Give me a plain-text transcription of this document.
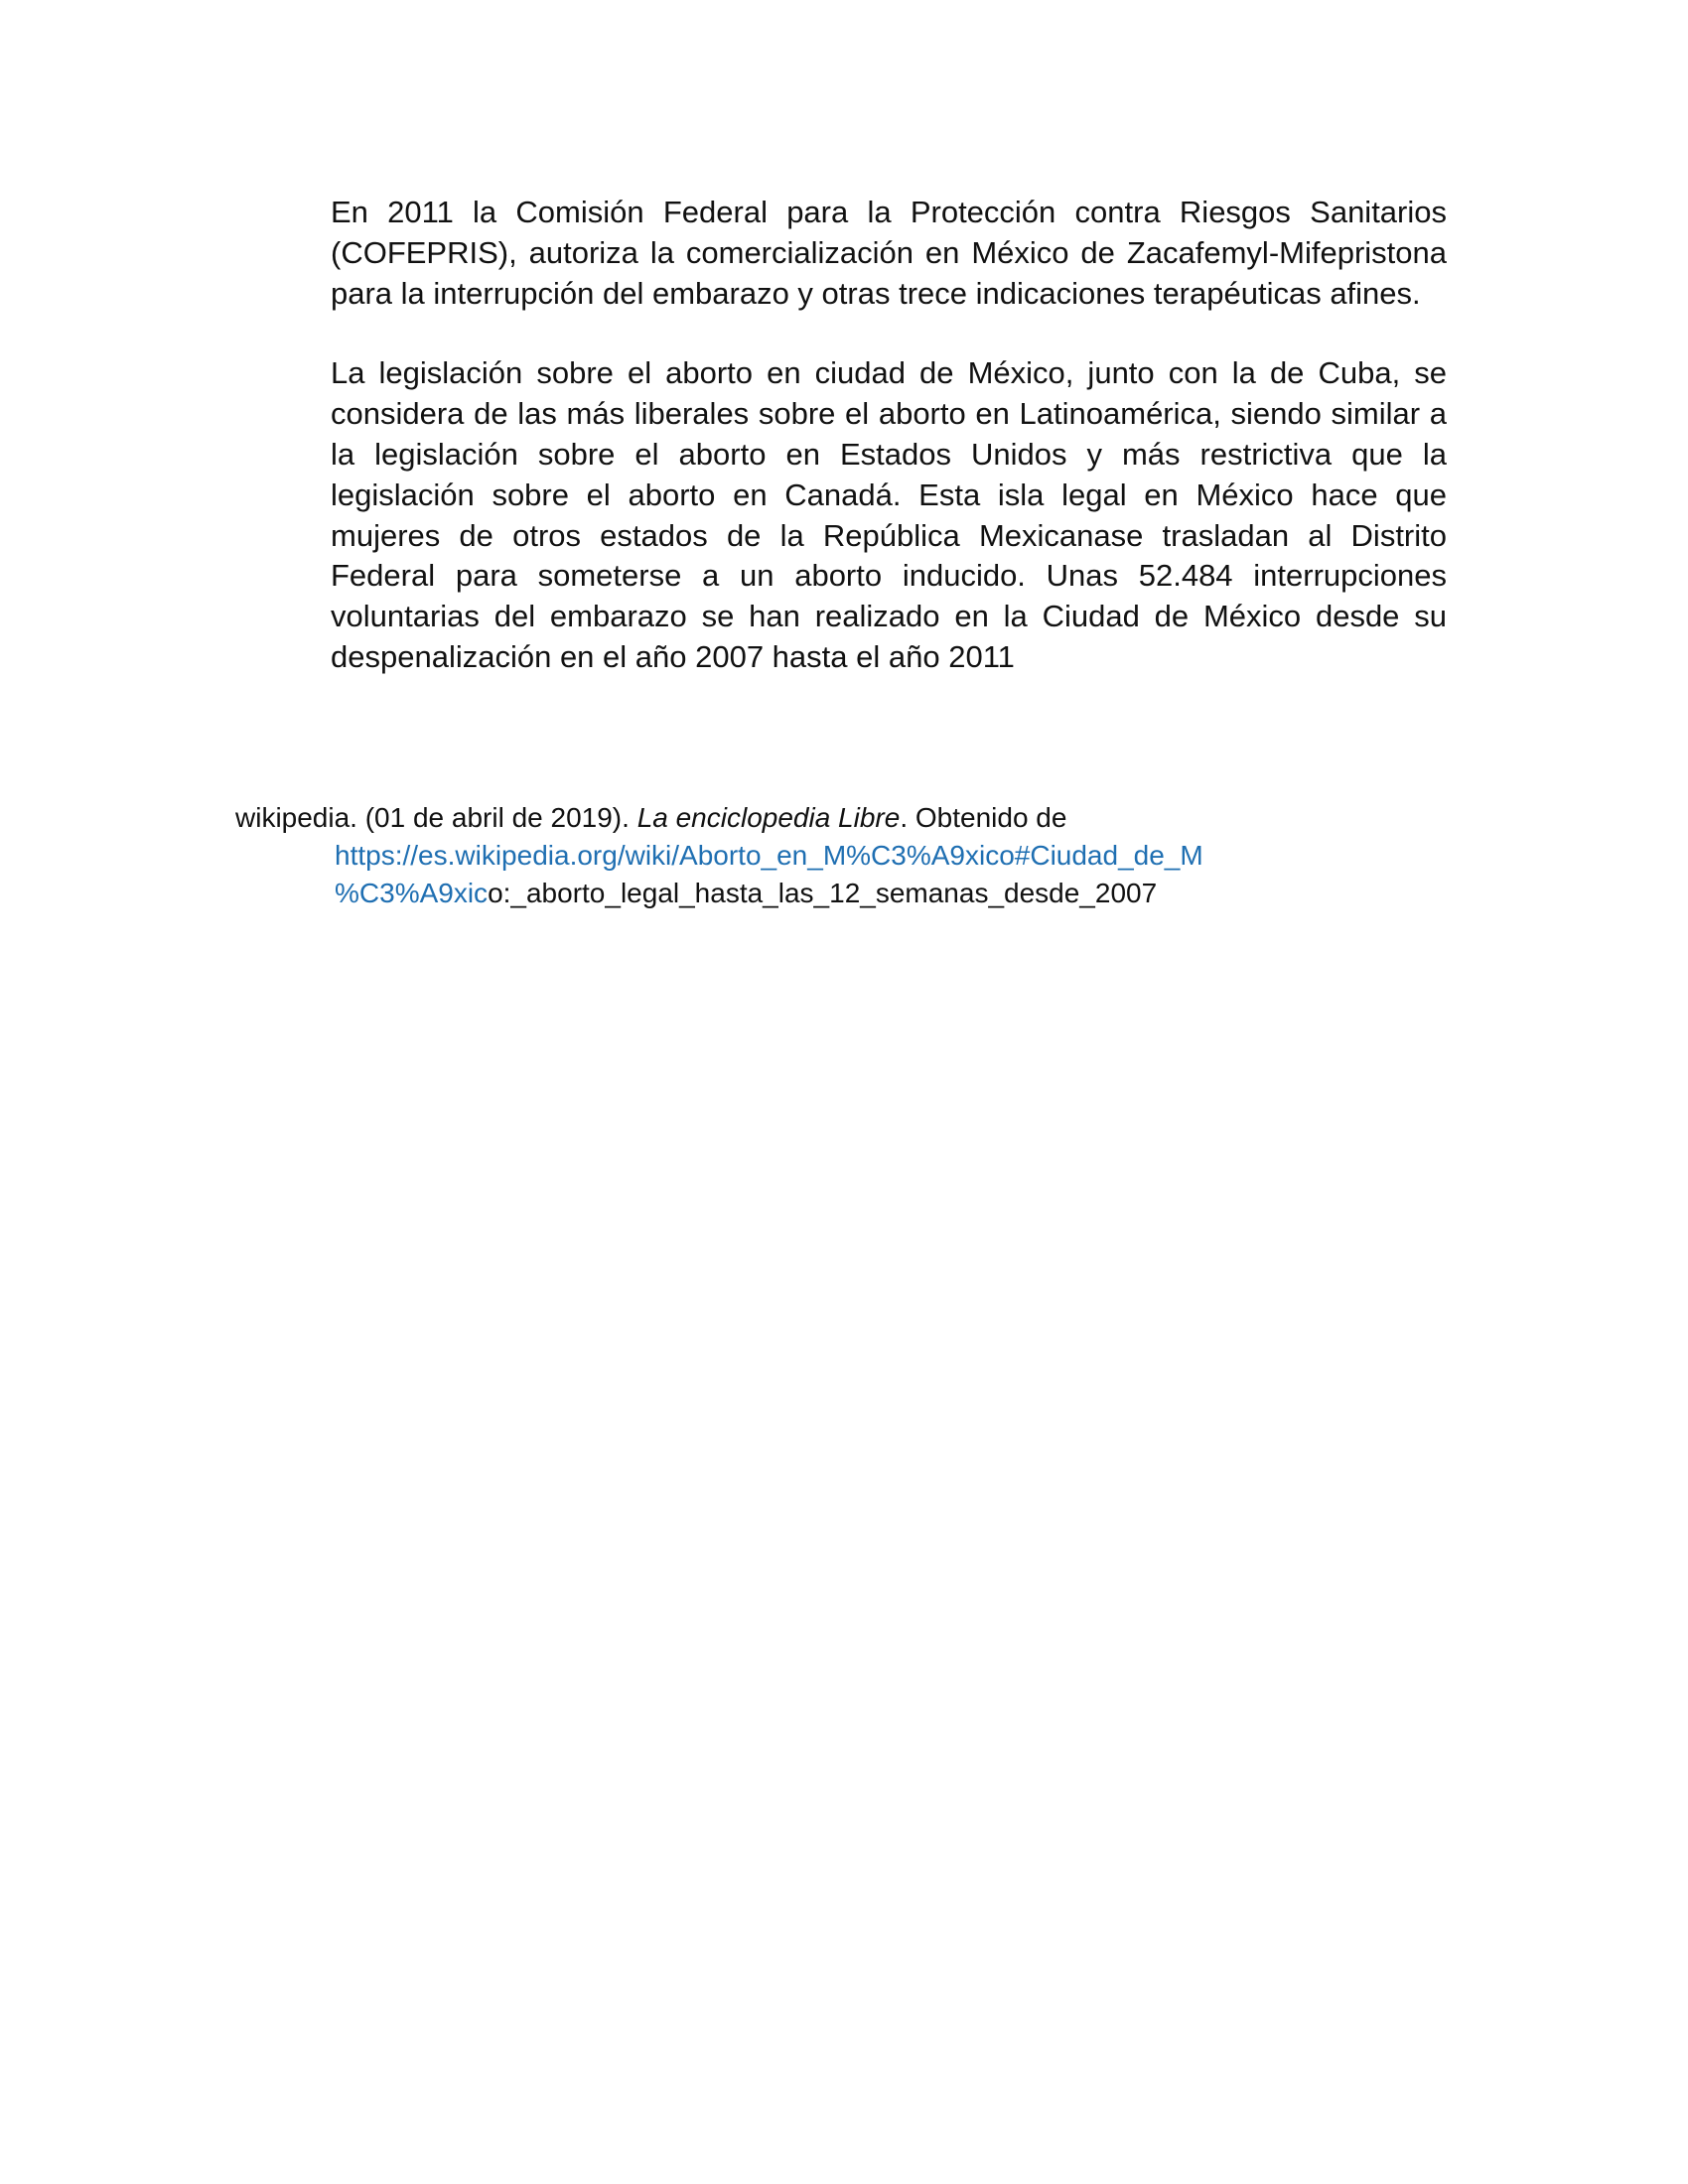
En 2011 la Comisión Federal para la Protección contra Riesgos Sanitarios (COFEPRIS), autoriza la comercialización en México de Zacafemyl-Mifepristona para la interrupción del embarazo y otras trece indicaciones terapéuticas afines.

La legislación sobre el aborto en ciudad de México, junto con la de Cuba, se considera de las más liberales sobre el aborto en Latinoamérica, siendo similar a la legislación sobre el aborto en Estados Unidos y más restrictiva que la legislación sobre el aborto en Canadá. Esta isla legal en México hace que mujeres de otros estados de la República Mexicanase trasladan al Distrito Federal para someterse a un aborto inducido. Unas 52.484 interrupciones voluntarias del embarazo se han realizado en la Ciudad de México desde su despenalización en el año 2007 hasta el año 2011

wikipedia. (01 de abril de 2019). La enciclopedia Libre. Obtenido de

https://es.wikipedia.org/wiki/Aborto_en_M%C3%A9xico#Ciudad_de_M

%C3%A9xico:_aborto_legal_hasta_las_12_semanas_desde_2007
